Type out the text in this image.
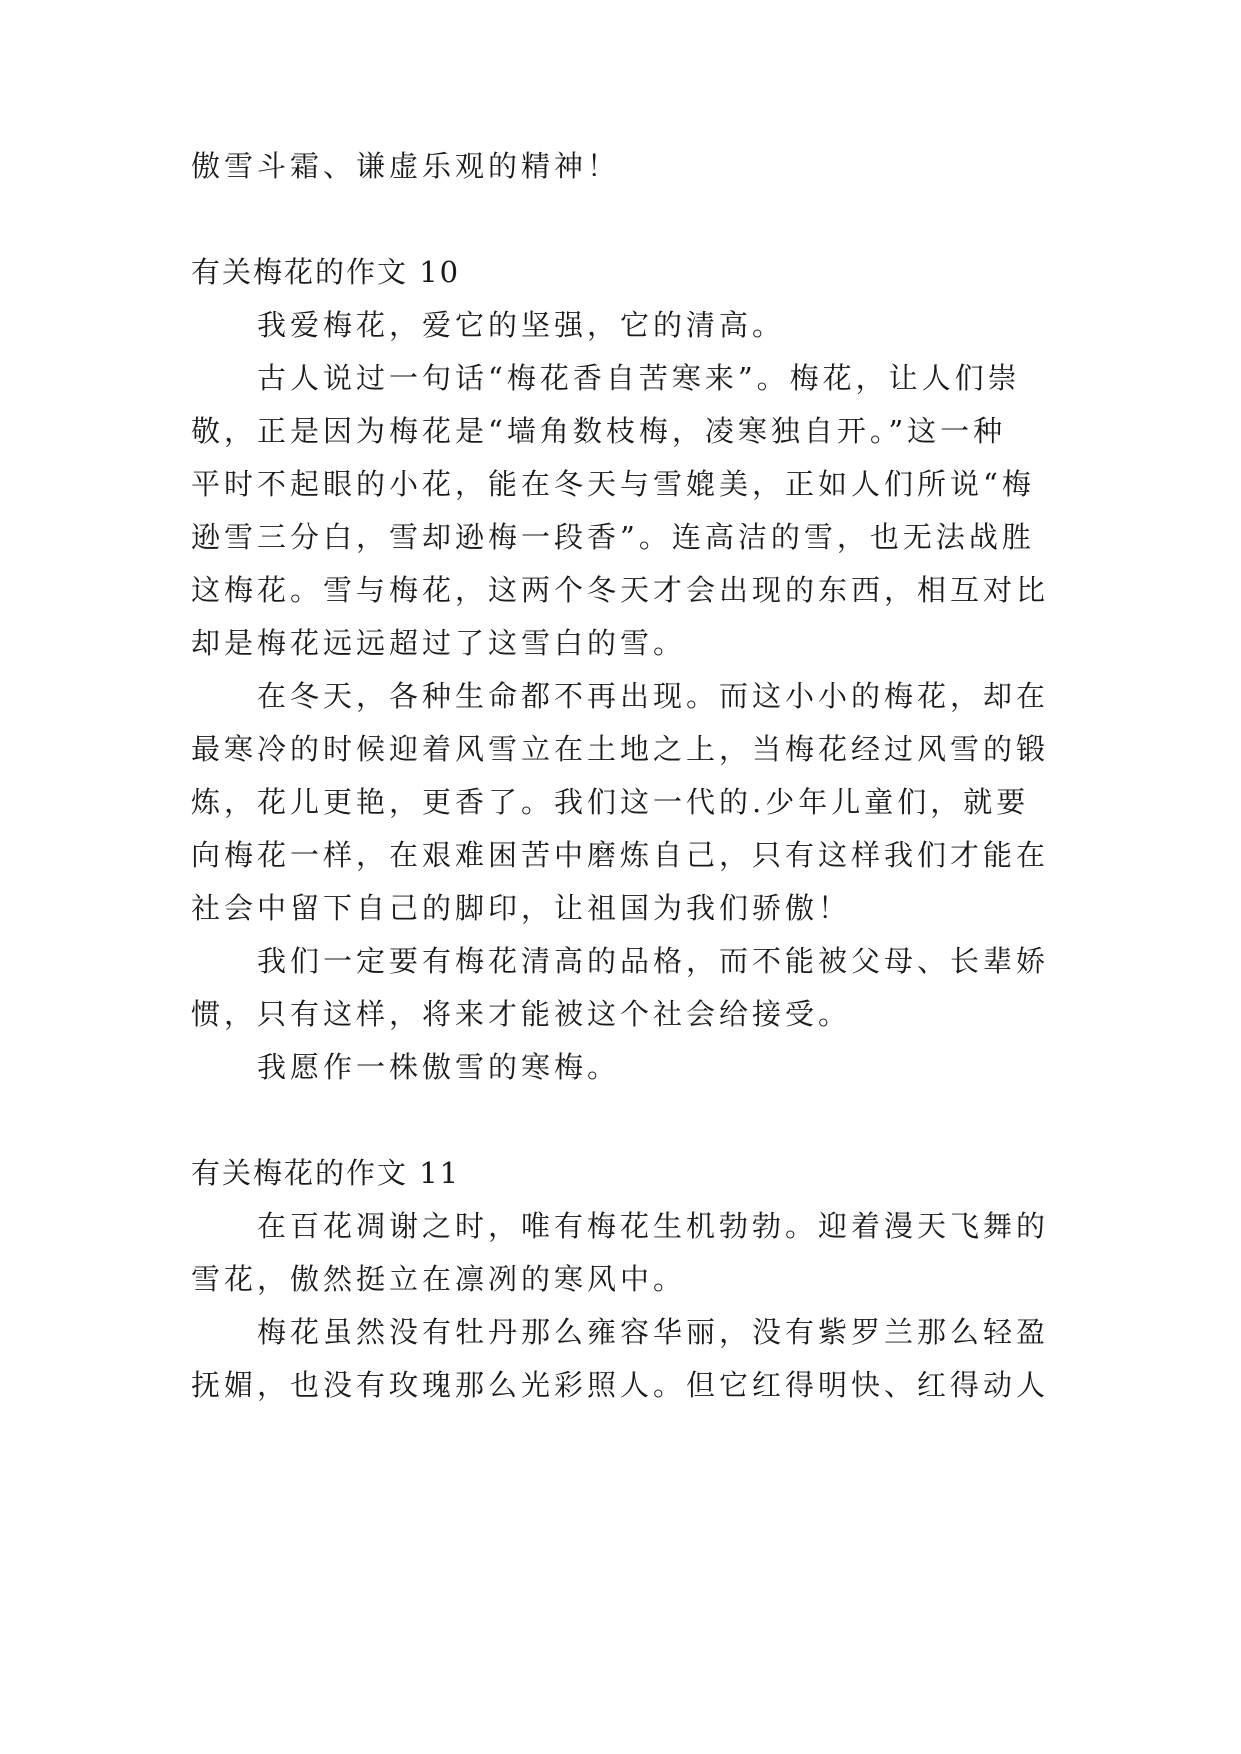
傲雪斗霜、谦虚乐观的精神！
有关梅花的作文 10
我爱梅花，爱它的坚强，它的清高。
古人说过一句话“梅花香自苦寒来”。梅花，让人们崇
敬，正是因为梅花是“墙角数枝梅，凌寒独自开。”这一种
平时不起眼的小花，能在冬天与雪媲美，正如人们所说“梅
逊雪三分白，雪却逊梅一段香”。连高洁的雪，也无法战胜
这梅花。雪与梅花，这两个冬天才会出现的东西，相互对比
却是梅花远远超过了这雪白的雪。
在冬天，各种生命都不再出现。而这小小的梅花，却在
最寒冷的时候迎着风雪立在土地之上，当梅花经过风雪的锻
炼，花儿更艳，更香了。我们这一代的.少年儿童们，就要
向梅花一样，在艰难困苦中磨炼自己，只有这样我们才能在
社会中留下自己的脚印，让祖国为我们骄傲！
我们一定要有梅花清高的品格，而不能被父母、长辈娇
惯，只有这样，将来才能被这个社会给接受。
我愿作一株傲雪的寒梅。
有关梅花的作文 11
在百花凋谢之时，唯有梅花生机勃勃。迎着漫天飞舞的
雪花，傲然挺立在凛冽的寒风中。
梅花虽然没有牡丹那么雍容华丽，没有紫罗兰那么轻盈
抚媚，也没有玫瑰那么光彩照人。但它红得明快、红得动人
